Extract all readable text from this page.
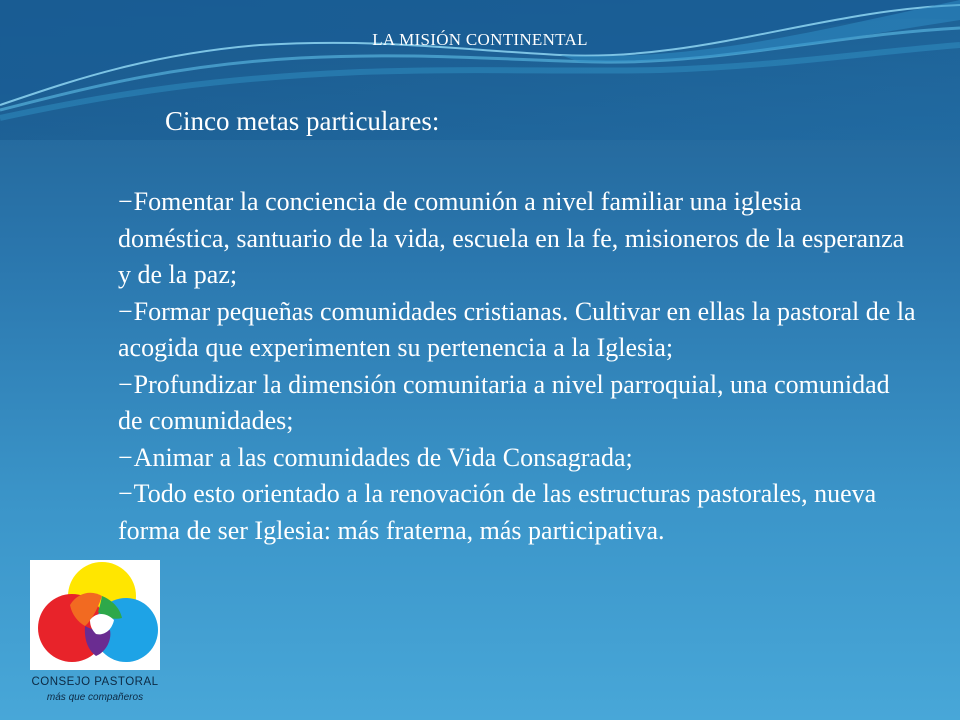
LA MISIÓN CONTINENTAL
Cinco metas particulares:
−Fomentar la conciencia de comunión a nivel familiar una iglesia doméstica, santuario de la vida, escuela en la fe, misioneros de la esperanza y de la paz;
−Formar pequeñas comunidades cristianas. Cultivar en ellas la pastoral de la acogida que experimenten su pertenencia a la Iglesia;
−Profundizar la dimensión comunitaria a nivel parroquial, una comunidad de comunidades;
−Animar a las comunidades de Vida Consagrada;
−Todo esto orientado a la renovación de las estructuras pastorales, nueva forma de ser Iglesia: más fraterna, más participativa.
CONSEJO PASTORAL
más que compañeros
